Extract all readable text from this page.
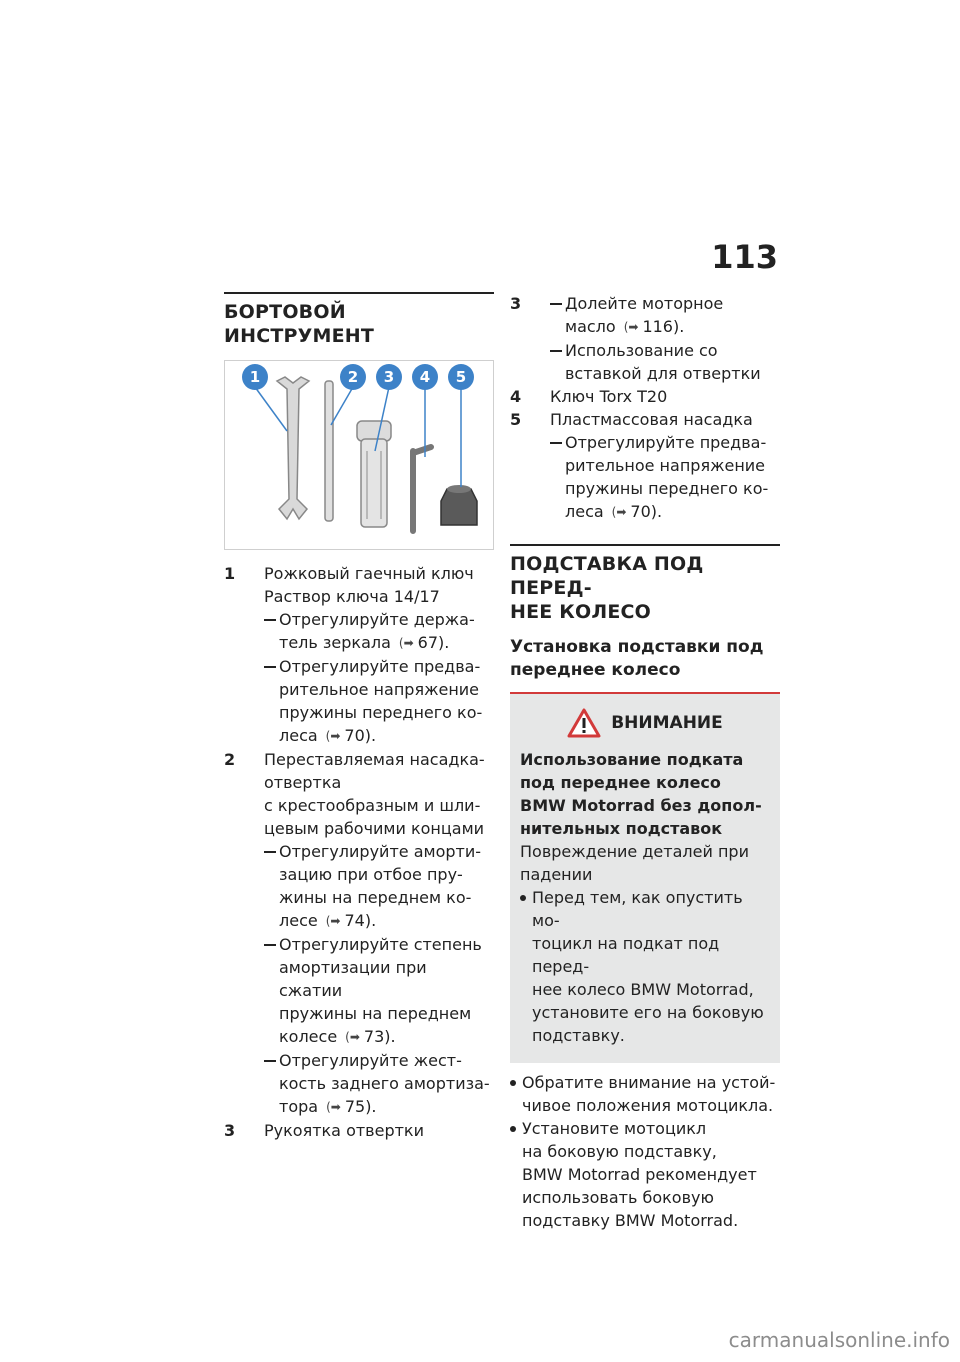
113
БОРТОВОЙ ИНСТРУМЕНТ
1	2 3 4 5
1	Рожковый гаечный ключ
Раствор ключа 14/17
Отрегулируйте держа-
тель зеркала (➡ 67).
Отрегулируйте предва-
рительное напряжение
пружины переднего ко-
леса (➡ 70).
2	Переставляемая насадка-
отвертка
с крестообразным и шли-
цевым рабочими концами
Отрегулируйте аморти-
зацию при отбое пру-
жины на переднем ко-
лесе (➡ 74).
Отрегулируйте степень
амортизации при сжатии
пружины на переднем
колесе (➡ 73).
Отрегулируйте жест-
кость заднего амортиза-
тора (➡ 75).
3	Рукоятка отвертки
3	Долейте моторное
масло (➡ 116).
Использование со
вставкой для отвертки
4	Ключ Torx T20
5	Пластмассовая насадка
Отрегулируйте предва-
рительное напряжение
пружины переднего ко-
леса (➡ 70).
ПОДСТАВКА ПОД ПЕРЕД-
НЕЕ КОЛЕСО
Установка подставки под
переднее колесо
ВНИМАНИЕ
Использование подката
под переднее колесо
BMW Motorrad без допол-
нительных подставок
Повреждение деталей при
падении
Перед тем, как опустить мо-
тоцикл на подкат под перед-
нее колесо BMW Motorrad,
установите его на боковую
подставку.
Обратите внимание на устой-
чивое положения мотоцикла.
Установите мотоцикл
на боковую подставку,
BMW Motorrad рекомендует
использовать боковую
подставку BMW Motorrad.
carmanualsonline.info
